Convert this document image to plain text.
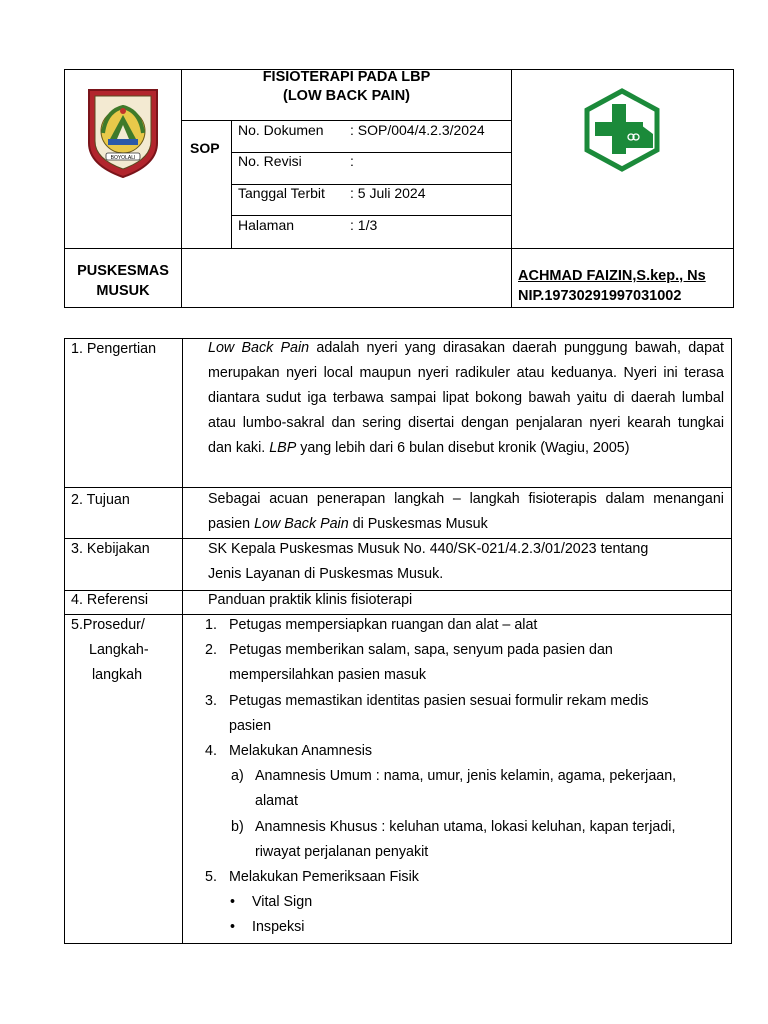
BOYOLALI
FISIOTERAPI PADA LBP
(LOW BACK PAIN)
SOP
No. Dokumen : SOP/004/4.2.3/2024
No. Revisi	:
Tanggal Terbit : 5 Juli 2024
Halaman	: 1/3
PUSKESMAS
MUSUK
ACHMAD FAIZIN,S.kep., Ns
NIP.19730291997031002
1. Pengertian	Low Back Pain adalah nyeri yang dirasakan daerah punggung bawah, dapat merupakan nyeri local maupun nyeri radikuler atau keduanya. Nyeri ini terasa diantara sudut iga terbawa sampai lipat bokong bawah yaitu di daerah lumbal atau lumbo-sakral dan sering disertai dengan penjalaran nyeri kearah tungkai dan kaki. LBP yang lebih dari 6 bulan disebut kronik (Wagiu, 2005)
2. Tujuan	Sebagai acuan penerapan langkah – langkah fisioterapis dalam menangani pasien Low Back Pain di Puskesmas Musuk
3. Kebijakan	SK Kepala Puskesmas Musuk No. 440/SK-021/4.2.3/01/2023 tentang
Jenis Layanan di Puskesmas Musuk.
4. Referensi	Panduan praktik klinis fisioterapi
5.Prosedur/
Langkah-
langkah
1. Petugas mempersiapkan ruangan dan alat – alat
2. Petugas memberikan salam, sapa, senyum pada pasien dan
mempersilahkan pasien masuk
3. Petugas memastikan identitas pasien sesuai formulir rekam medis
pasien
4. Melakukan Anamnesis
a) Anamnesis Umum : nama, umur, jenis kelamin, agama, pekerjaan,
alamat
b) Anamnesis Khusus : keluhan utama, lokasi keluhan, kapan terjadi,
riwayat perjalanan penyakit
5. Melakukan Pemeriksaan Fisik
• Vital Sign
• Inspeksi
